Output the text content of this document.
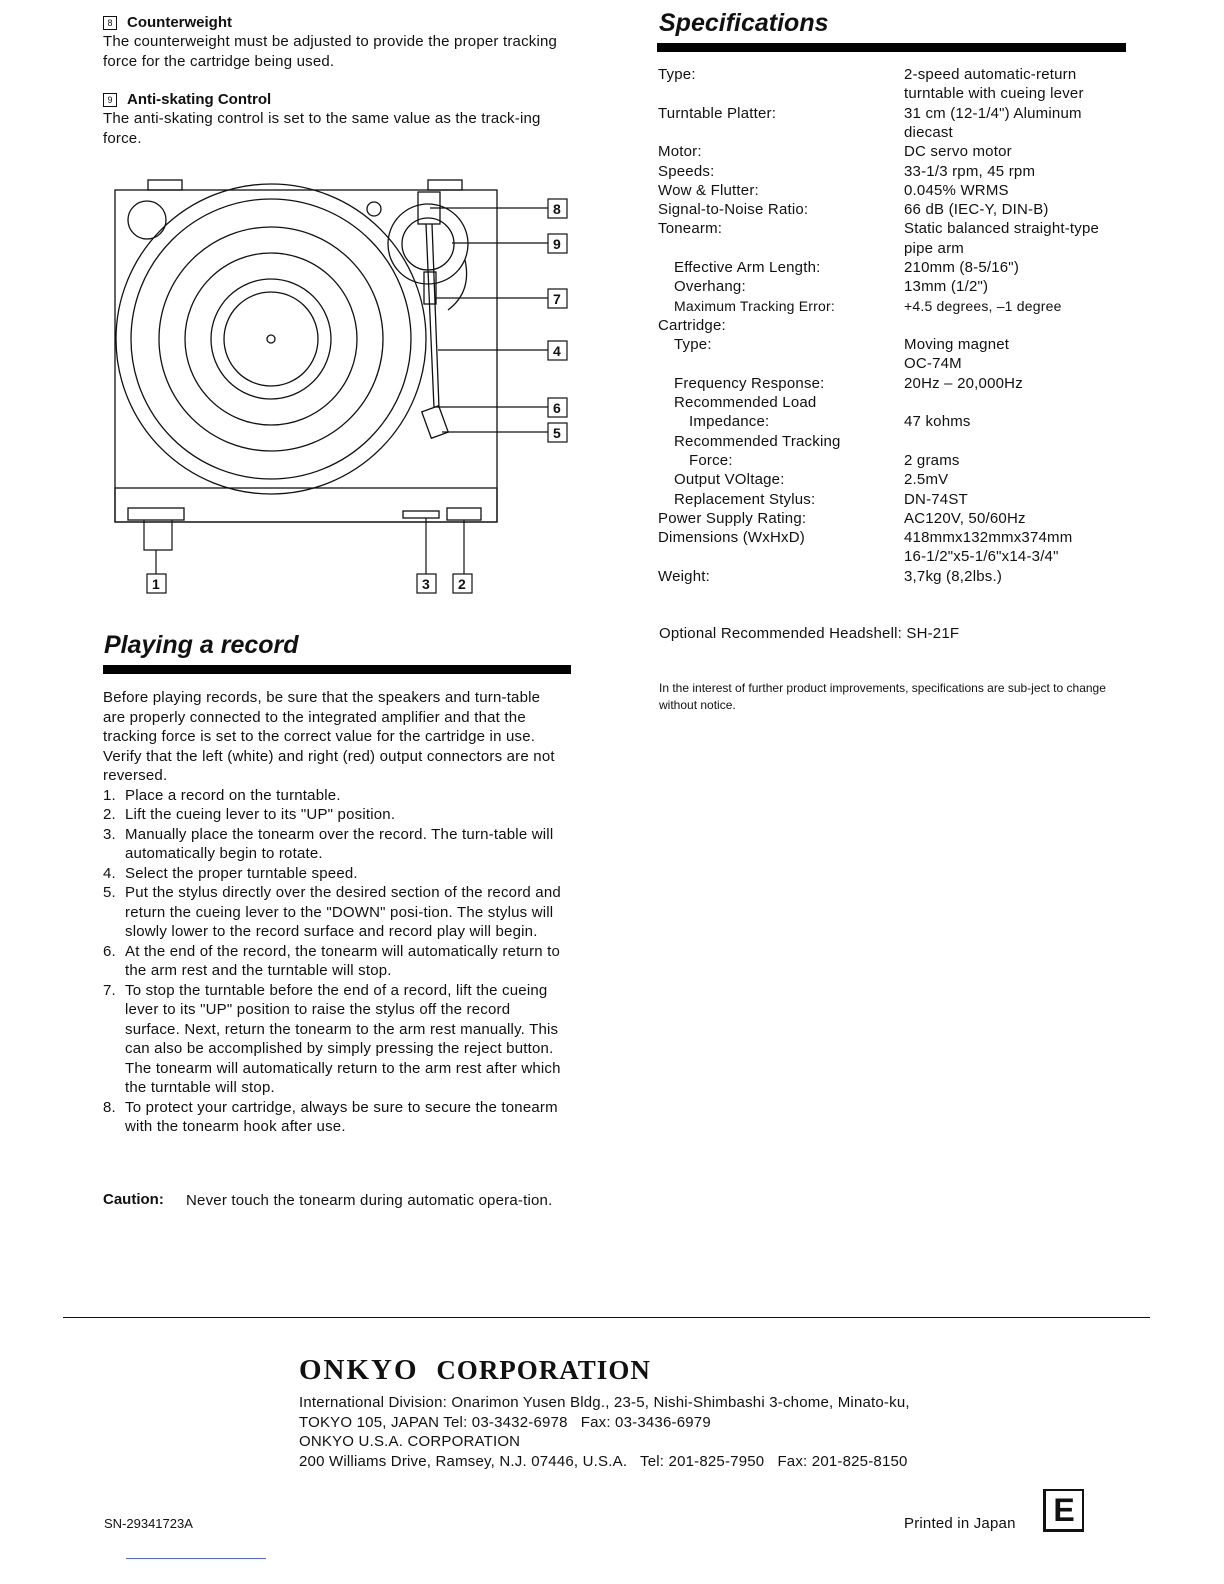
8 Counterweight
The counterweight must be adjusted to provide the proper tracking force for the cartridge being used.
9 Anti-skating Control
The anti-skating control is set to the same value as the track-ing force.
8
9
7
4
6
5
1	3 2
Playing a record
Before playing records, be sure that the speakers and turn-table are properly connected to the integrated amplifier and that the tracking force is set to the correct value for the cartridge in use.
Verify that the left (white) and right (red) output connectors are not reversed.
1. Place a record on the turntable.
2. Lift the cueing lever to its "UP" position.
3. Manually place the tonearm over the record. The turn-table will automatically begin to rotate.
4. Select the proper turntable speed.
5. Put the stylus directly over the desired section of the record and return the cueing lever to the "DOWN" posi-tion. The stylus will slowly lower to the record surface and record play will begin.
6. At the end of the record, the tonearm will automatically return to the arm rest and the turntable will stop.
7. To stop the turntable before the end of a record, lift the cueing lever to its "UP" position to raise the stylus off the record surface. Next, return the tonearm to the arm rest manually. This can also be accomplished by simply pressing the reject button. The tonearm will automatically return to the arm rest after which the turntable will stop.
8. To protect your cartridge, always be sure to secure the tonearm with the tonearm hook after use.
Caution: Never touch the tonearm during automatic opera-tion.
Specifications
Type:	2-speed automatic-return turntable with cueing lever
Turntable Platter:	31 cm (12-1/4") Aluminum diecast
Motor:	DC servo motor
Speeds:	33-1/3 rpm, 45 rpm
Wow & Flutter:	0.045% WRMS
Signal-to-Noise Ratio:	66 dB (IEC-Y, DIN-B)
Tonearm:	Static balanced straight-type pipe arm
Effective Arm Length:	210mm (8-5/16")
Overhang:	13mm (1/2")
Maximum Tracking Error:	+4.5 degrees, –1 degree
Cartridge:
Type:	Moving magnet
OC-74M
Frequency Response:	20Hz – 20,000Hz
Recommended Load
Impedance:	47 kohms
Recommended Tracking
Force:	2 grams
Output VOltage:	2.5mV
Replacement Stylus:	DN-74ST
Power Supply Rating:	AC120V, 50/60Hz
Dimensions (WxHxD)	418mmx132mmx374mm
16-1/2"x5-1/6"x14-3/4"
Weight:	3,7kg (8,2lbs.)
Optional Recommended Headshell: SH-21F
In the interest of further product improvements, specifications are sub-ject to change without notice.
ONKYO CORPORATION
International Division: Onarimon Yusen Bldg., 23-5, Nishi-Shimbashi 3-chome, Minato-ku,
TOKYO 105, JAPAN Tel: 03-3432-6978   Fax: 03-3436-6979
ONKYO U.S.A. CORPORATION
200 Williams Drive, Ramsey, N.J. 07446, U.S.A.   Tel: 201-825-7950   Fax: 201-825-8150
SN-29341723A	Printed in Japan	E
